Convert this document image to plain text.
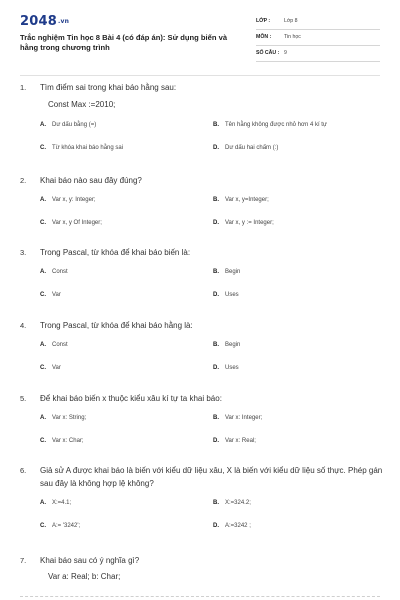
2048.vn
Trắc nghiệm Tin học 8 Bài 4 (có đáp án): Sử dụng biến và hằng trong chương trình
LỚP :	Lớp 8
MÔN : Tin học
SỐ CÂU : 9
1. Tìm điểm sai trong khai báo hằng sau:
Const Max :=2010;
A. Dư dấu bằng (=)	B. Tên hằng không được nhỏ hơn 4 kí tự
C. Từ khóa khai báo hằng sai	D. Dư dấu hai chấm (:)
2. Khai báo nào sau đây đúng?
A. Var x, y: Integer;	B. Var x, y=Integer;
C. Var x, y Of Integer;	D. Var x, y := Integer;
3. Trong Pascal, từ khóa để khai báo biến là:
A. Const	B. Begin
C. Var	D. Uses
4. Trong Pascal, từ khóa để khai báo hằng là:
A. Const	B. Begin
C. Var	D. Uses
5. Để khai báo biến x thuộc kiểu xâu kí tự ta khai báo:
A. Var x: String;	B. Var x: Integer;
C. Var x: Char;	D. Var x: Real;
6. Giả sử A được khai báo là biến với kiểu dữ liệu xâu, X là biến với kiểu dữ liệu số thực. Phép gán sau đây là không hợp lệ không?
A. X:=4.1;	B. X:=324.2;
C. A:= '3242';	D. A:=3242 ;
7. Khai báo sau có ý nghĩa gì?
Var a: Real; b: Char;
